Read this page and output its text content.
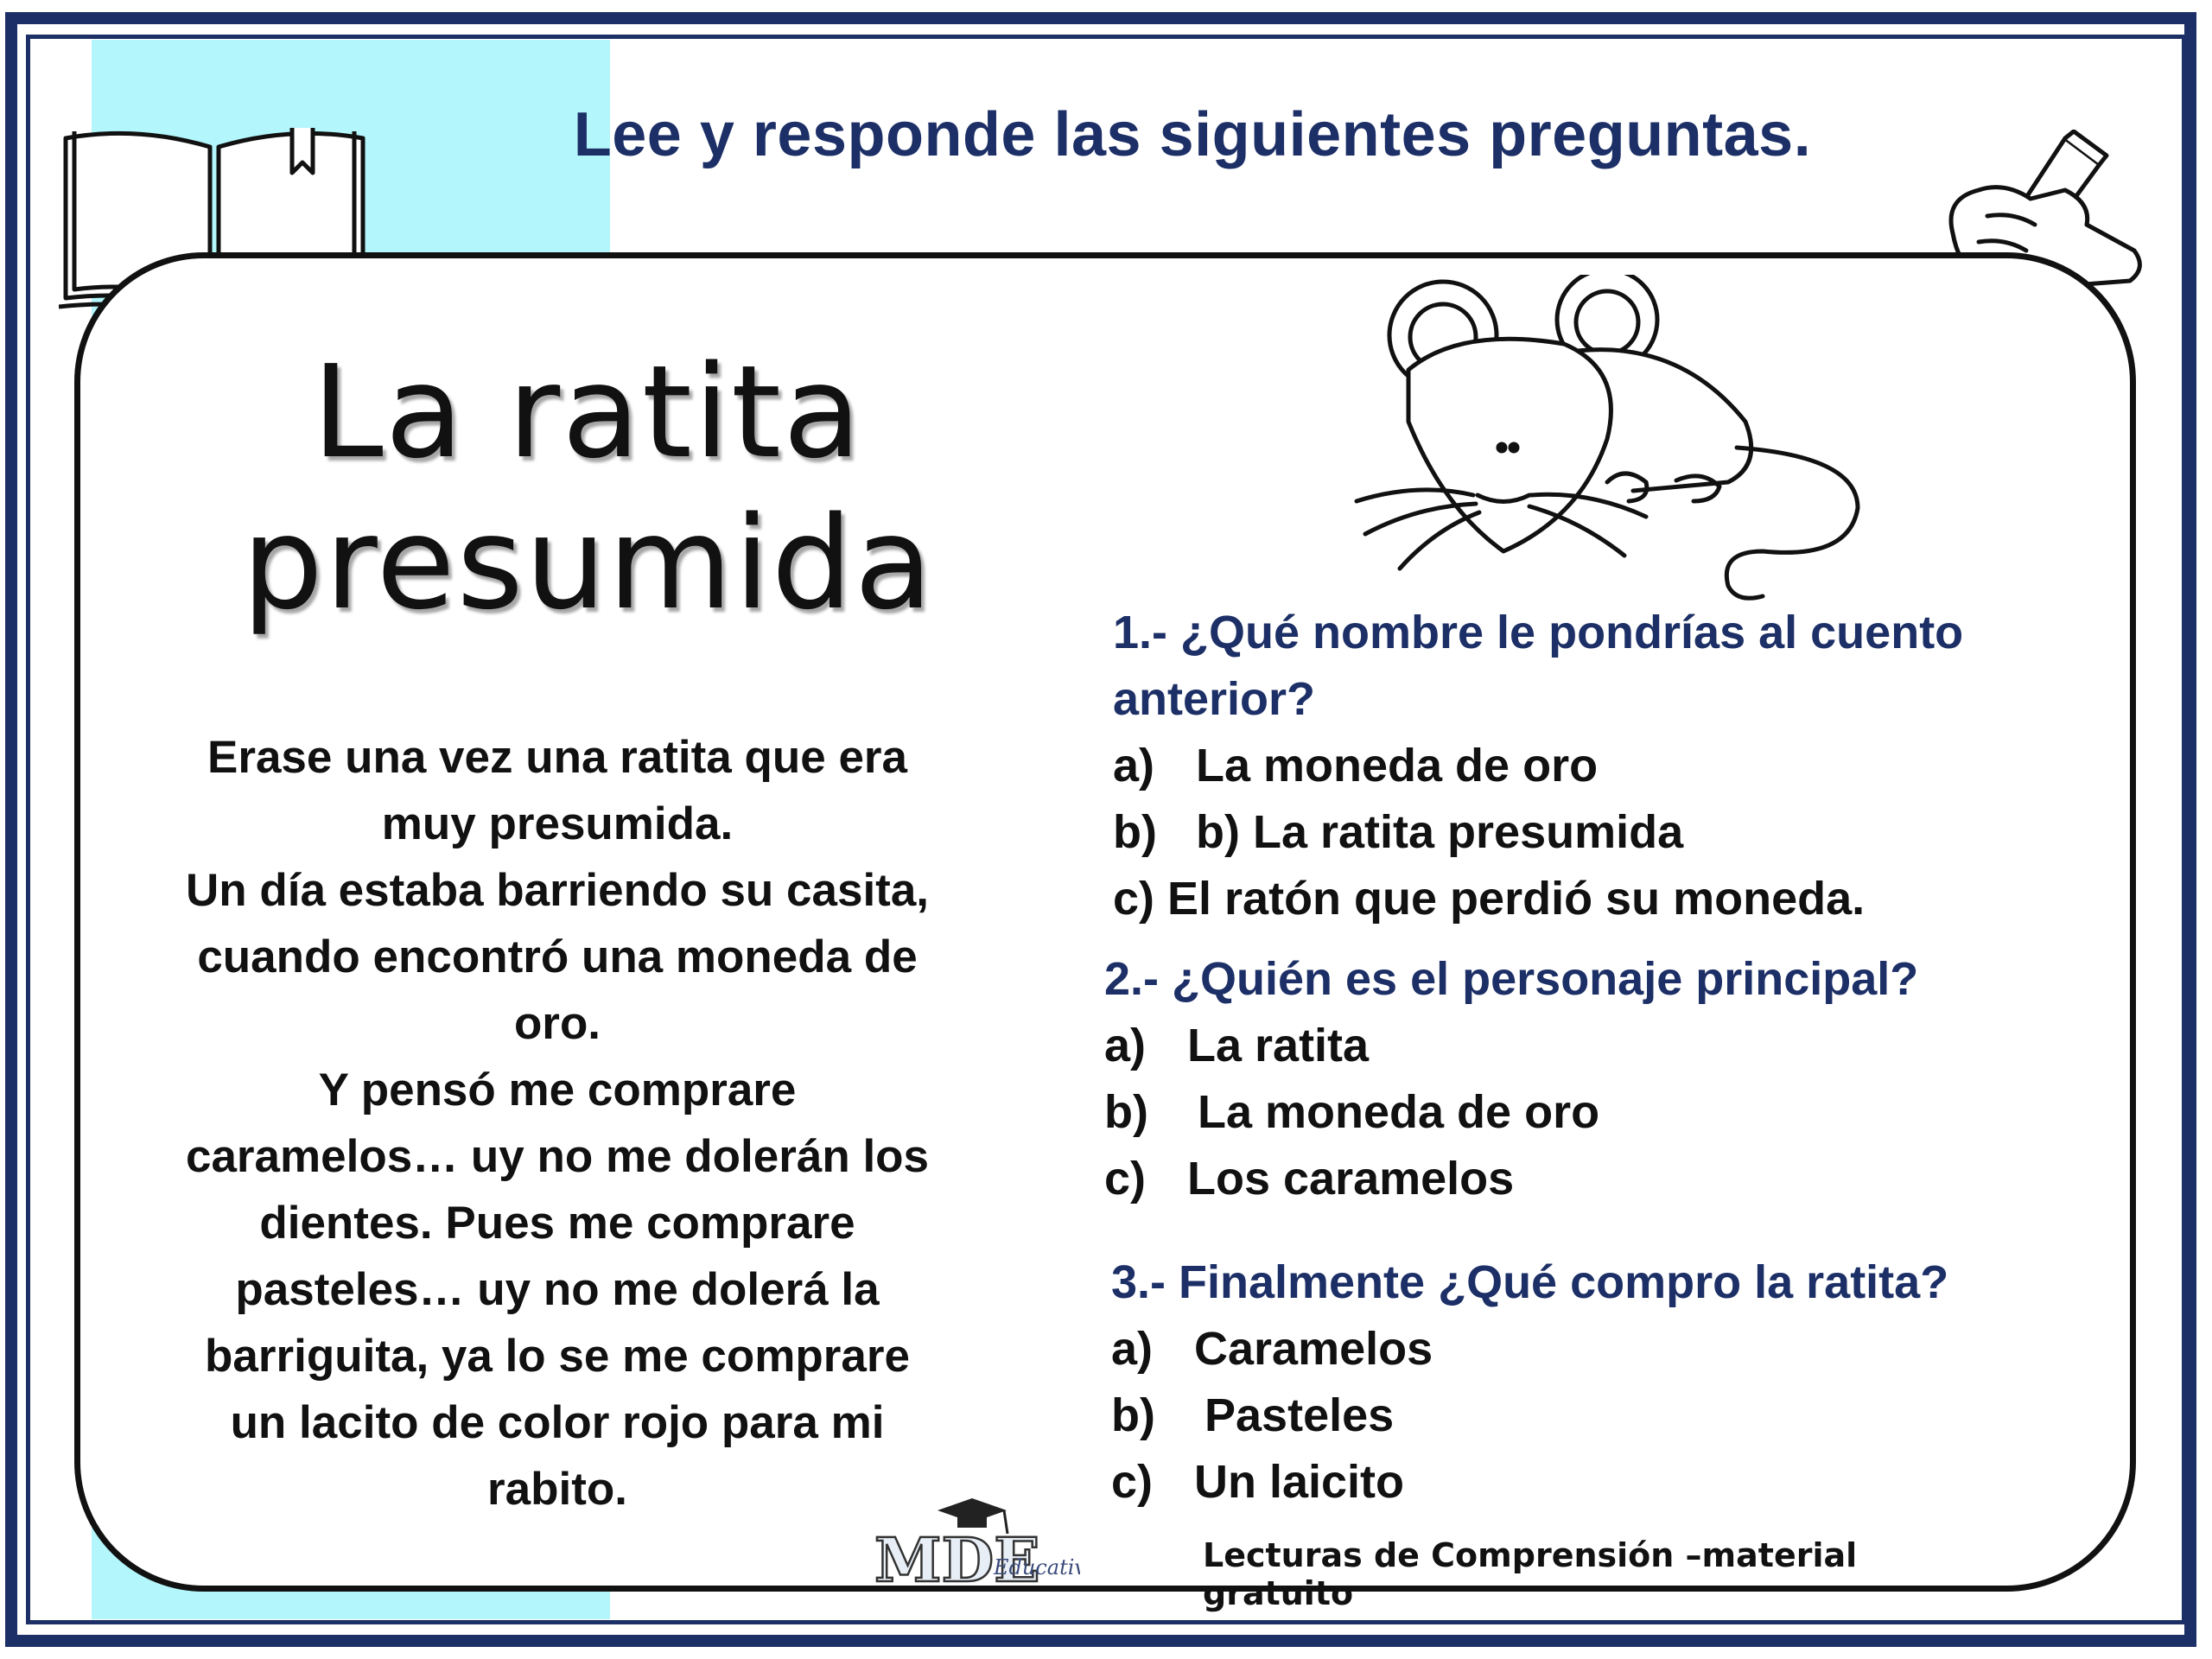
Lee y responde las siguientes preguntas.
La ratita
presumida
Erase una vez una ratita que era
muy presumida.
Un día estaba barriendo su casita,
cuando encontró una moneda de
oro.
Y pensó me comprare
caramelos… uy no me dolerán los
dientes. Pues me comprare
pasteles… uy no me dolerá la
barriguita, ya lo se me comprare
un lacito de color rojo para mi
rabito.
1.- ¿Qué nombre le pondrías al cuento
anterior?
a) La moneda de oro
b) b) La ratita presumida
c) El ratón que perdió su moneda.
2.- ¿Quién es el personaje principal?
a) La ratita
b)	La moneda de oro
c) Los caramelos
3.- Finalmente ¿Qué compro la ratita?
a) Caramelos
b)	Pasteles
c) Un laicito
MDE
Educati	Lecturas de Comprensión –material gratuito
